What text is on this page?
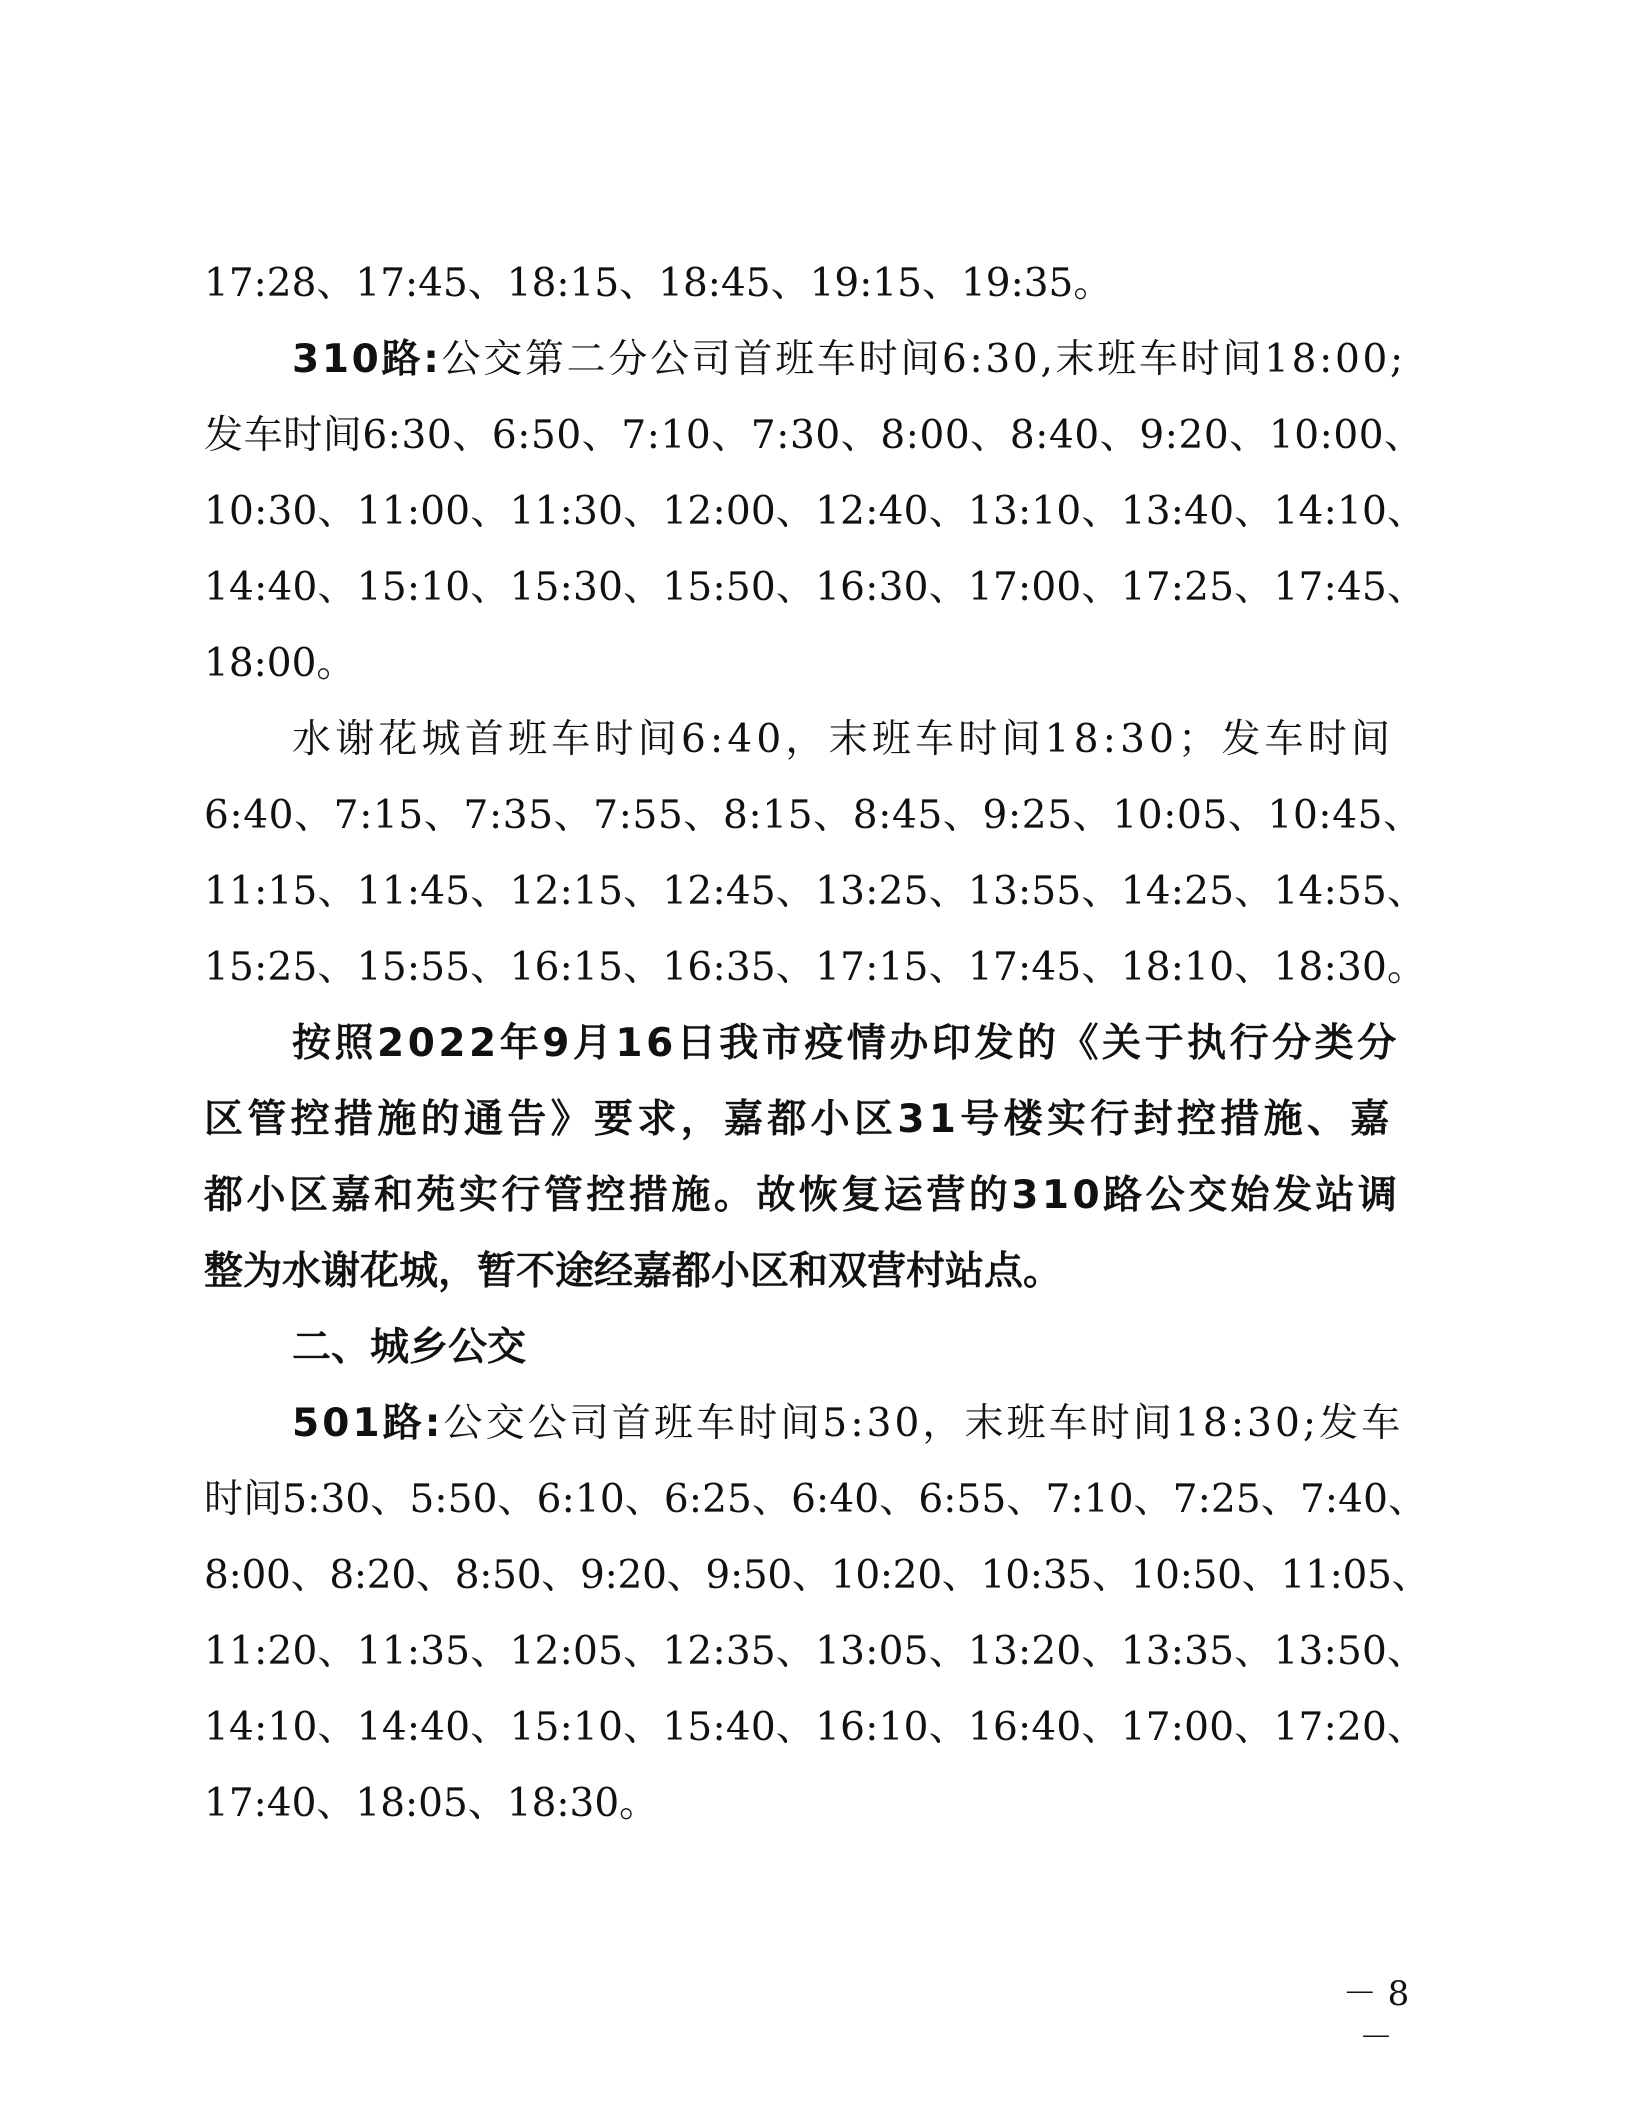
17:28、17:45、18:15、18:45、19:15、19:35。
310路:公交第二分公司首班车时间6:30,末班车时间18:00;
发车时间6:30、6:50、7:10、7:30、8:00、8:40、9:20、10:00、
10:30、11:00、11:30、12:00、12:40、13:10、13:40、14:10、
14:40、15:10、15:30、15:50、16:30、17:00、17:25、17:45、
18:00。
水谢花城首班车时间6:40，末班车时间18:30；发车时间
6:40、7:15、7:35、7:55、8:15、8:45、9:25、10:05、10:45、
11:15、11:45、12:15、12:45、13:25、13:55、14:25、14:55、
15:25、15:55、16:15、16:35、17:15、17:45、18:10、18:30。
按照2022年9月16日我市疫情办印发的《关于执行分类分
区管控措施的通告》要求，嘉都小区31号楼实行封控措施、嘉
都小区嘉和苑实行管控措施。故恢复运营的310路公交始发站调
整为水谢花城，暂不途经嘉都小区和双营村站点。
二、城乡公交
501路:公交公司首班车时间5:30，末班车时间18:30;发车
时间5:30、5:50、6:10、6:25、6:40、6:55、7:10、7:25、7:40、
8:00、8:20、8:50、9:20、9:50、10:20、10:35、10:50、11:05、
11:20、11:35、12:05、12:35、13:05、13:20、13:35、13:50、
14:10、14:40、15:10、15:40、16:10、16:40、17:00、17:20、
17:40、18:05、18:30。
－ 8 －
